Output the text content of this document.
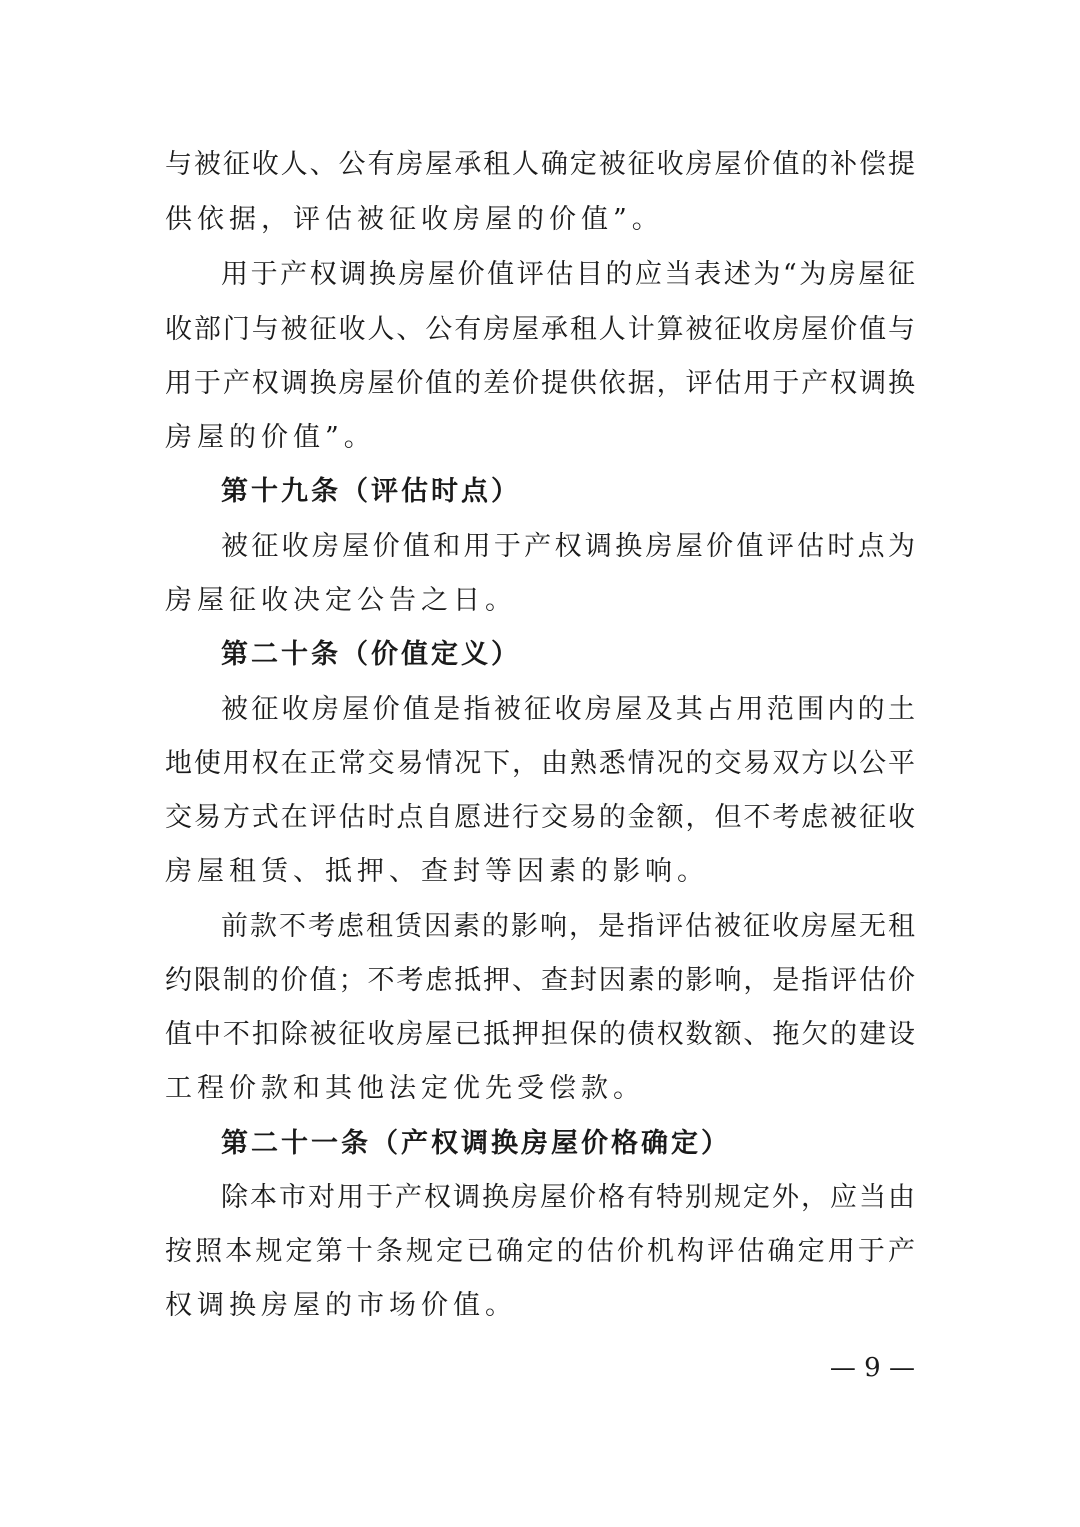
与被征收人、公有房屋承租人确定被征收房屋价值的补偿提
供依据，评估被征收房屋的价值”。
用于产权调换房屋价值评估目的应当表述为“为房屋征
收部门与被征收人、公有房屋承租人计算被征收房屋价值与
用于产权调换房屋价值的差价提供依据，评估用于产权调换
房屋的价值”。
第十九条（评估时点）
被征收房屋价值和用于产权调换房屋价值评估时点为
房屋征收决定公告之日。
第二十条（价值定义）
被征收房屋价值是指被征收房屋及其占用范围内的土
地使用权在正常交易情况下，由熟悉情况的交易双方以公平
交易方式在评估时点自愿进行交易的金额，但不考虑被征收
房屋租赁、抵押、查封等因素的影响。
前款不考虑租赁因素的影响，是指评估被征收房屋无租
约限制的价值；不考虑抵押、查封因素的影响，是指评估价
值中不扣除被征收房屋已抵押担保的债权数额、拖欠的建设
工程价款和其他法定优先受偿款。
第二十一条（产权调换房屋价格确定）
除本市对用于产权调换房屋价格有特别规定外，应当由
按照本规定第十条规定已确定的估价机构评估确定用于产
权调换房屋的市场价值。
— 9 —
